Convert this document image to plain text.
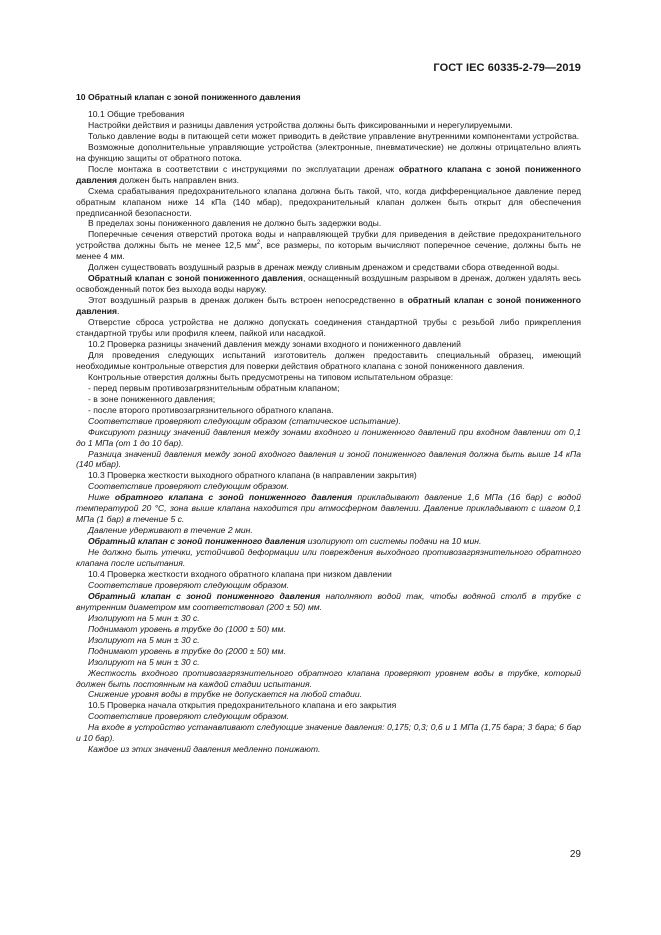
ГОСТ IEC 60335-2-79—2019

10 Обратный клапан с зоной пониженного давления

10.1 Общие требования

Настройки действия и разницы давления устройства должны быть фиксированными и нерегулируемыми.

Только давление воды в питающей сети может приводить в действие управление внутренними компонентами устройства.

Возможные дополнительные управляющие устройства (электронные, пневматические) не должны отрицательно влиять на функцию защиты от обратного потока.

После монтажа в соответствии с инструкциями по эксплуатации дренаж обратного клапана с зоной пониженного давления должен быть направлен вниз.

Схема срабатывания предохранительного клапана должна быть такой, что, когда дифференциальное давление перед обратным клапаном ниже 14 кПа (140 мбар), предохранительный клапан должен быть открыт для обеспечения предписанной безопасности.

В пределах зоны пониженного давления не должно быть задержки воды.

Поперечные сечения отверстий протока воды и направляющей трубки для приведения в действие предохранительного устройства должны быть не менее 12,5 $мм^2$, все размеры, по которым вычисляют поперечное сечение, должны быть не менее 4 мм.

Должен существовать воздушный разрыв в дренаж между сливным дренажом и средствами сбора отведенной воды.

Обратный клапан с зоной пониженного давления, оснащенный воздушным разрывом в дренаж, должен удалять весь освобожденный поток без выхода воды наружу.

Этот воздушный разрыв в дренаж должен быть встроен непосредственно в обратный клапан с зоной пониженного давления.

Отверстие сброса устройства не должно допускать соединения стандартной трубы с резьбой либо прикрепления стандартной трубы или профиля клеем, пайкой или насадкой.

10.2 Проверка разницы значений давления между зонами входного и пониженного давлений

Для проведения следующих испытаний изготовитель должен предоставить специальный образец, имеющий необходимые контрольные отверстия для поверки действия обратного клапана с зоной пониженного давления.

Контрольные отверстия должны быть предусмотрены на типовом испытательном образце:

- перед первым противозагрязнительным обратным клапаном;

- в зоне пониженного давления;

- после второго противозагрязнительного обратного клапана.

Соответствие проверяют следующим образом (статическое испытание).

Фиксируют разницу значений давления между зонами входного и пониженного давлений при входном давлении от 0,1 до 1 МПа (от 1 до 10 бар).

Разница значений давления между зоной входного давления и зоной пониженного давления должна быть выше 14 кПа (140 мбар).

10.3 Проверка жесткости выходного обратного клапана (в направлении закрытия)

Соответствие проверяют следующим образом.

Ниже обратного клапана с зоной пониженного давления прикладывают давление 1,6 МПа (16 бар) с водой температурой 20 °С, зона выше клапана находится при атмосферном давлении. Давление прикладывают с шагом 0,1 МПа (1 бар) в течение 5 с.

Давление удерживают в течение 2 мин.

Обратный клапан с зоной пониженного давления изолируют от системы подачи на 10 мин.

Не должно быть утечки, устойчивой деформации или повреждения выходного противозагрязнительного обратного клапана после испытания.

10.4 Проверка жесткости входного обратного клапана при низком давлении

Соответствие проверяют следующим образом.

Обратный клапан с зоной пониженного давления наполняют водой так, чтобы водяной столб в трубке с внутренним диаметром мм соответствовал (200 ± 50) мм.

Изолируют на 5 мин ± 30 с.

Поднимают уровень в трубке до (1000 ± 50) мм.

Изолируют на 5 мин ± 30 с.

Поднимают уровень в трубке до (2000 ± 50) мм.

Изолируют на 5 мин ± 30 с.

Жесткость входного противозагрязнительного обратного клапана проверяют уровнем воды в трубке, который должен быть постоянным на каждой стадии испытания.

Снижение уровня воды в трубке не допускается на любой стадии.

10.5 Проверка начала открытия предохранительного клапана и его закрытия

Соответствие проверяют следующим образом.

На входе в устройство устанавливают следующие значение давления: 0,175; 0,3; 0,6 и 1 МПа (1,75 бара; 3 бара; 6 бар и 10 бар).

Каждое из этих значений давления медленно понижают.

29
